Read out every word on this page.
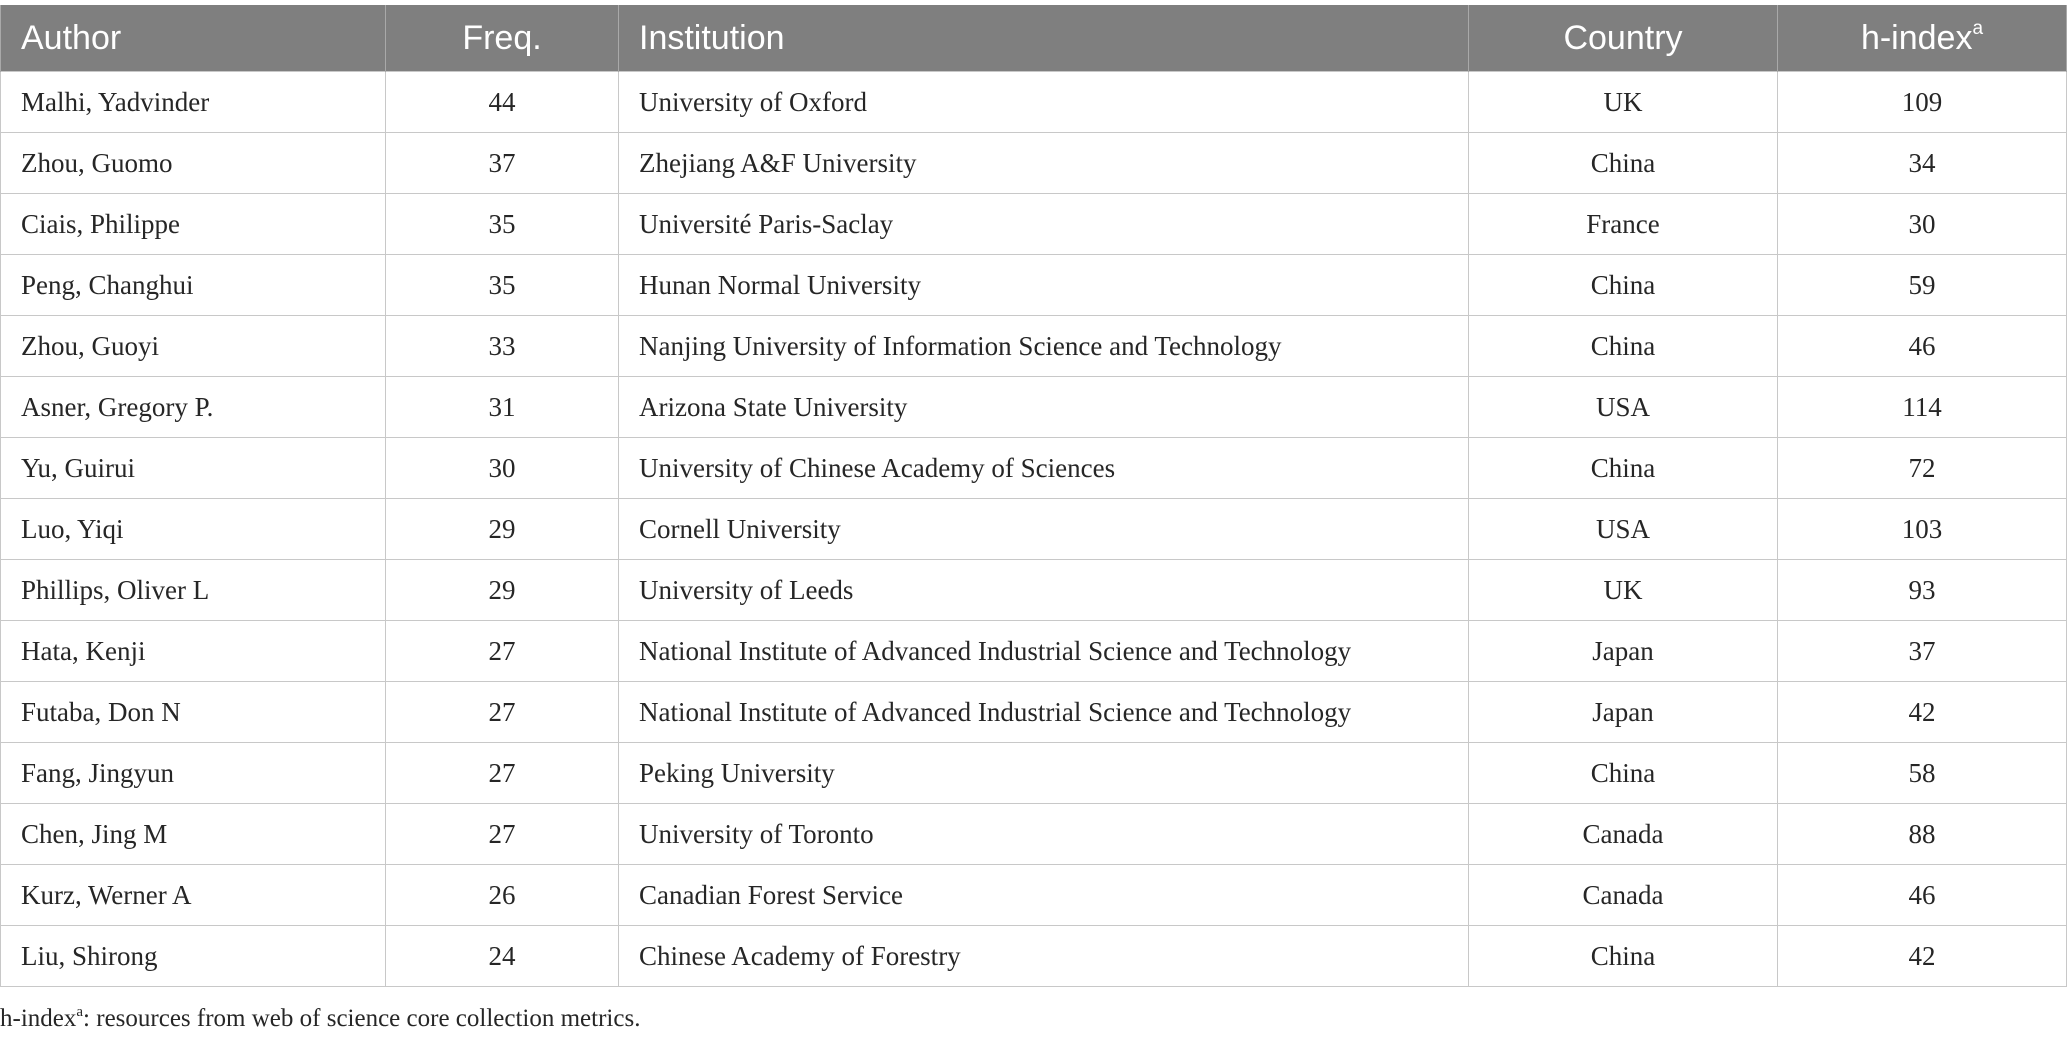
Author	Freq.	Institution	Country	h-index$^a$
Malhi, Yadvinder	44	University of Oxford	UK	109
Zhou, Guomo	37	Zhejiang A&F University	China	34
Ciais, Philippe	35	Université Paris-Saclay	France	30
Peng, Changhui	35	Hunan Normal University	China	59
Zhou, Guoyi	33	Nanjing University of Information Science and Technology	China	46
Asner, Gregory P.	31	Arizona State University	USA	114
Yu, Guirui	30	University of Chinese Academy of Sciences	China	72
Luo, Yiqi	29	Cornell University	USA	103
Phillips, Oliver L	29	University of Leeds	UK	93
Hata, Kenji	27	National Institute of Advanced Industrial Science and Technology	Japan	37
Futaba, Don N	27	National Institute of Advanced Industrial Science and Technology	Japan	42
Fang, Jingyun	27	Peking University	China	58
Chen, Jing M	27	University of Toronto	Canada	88
Kurz, Werner A	26	Canadian Forest Service	Canada	46
Liu, Shirong	24	Chinese Academy of Forestry	China	42
h-index$^a$: resources from web of science core collection metrics.
